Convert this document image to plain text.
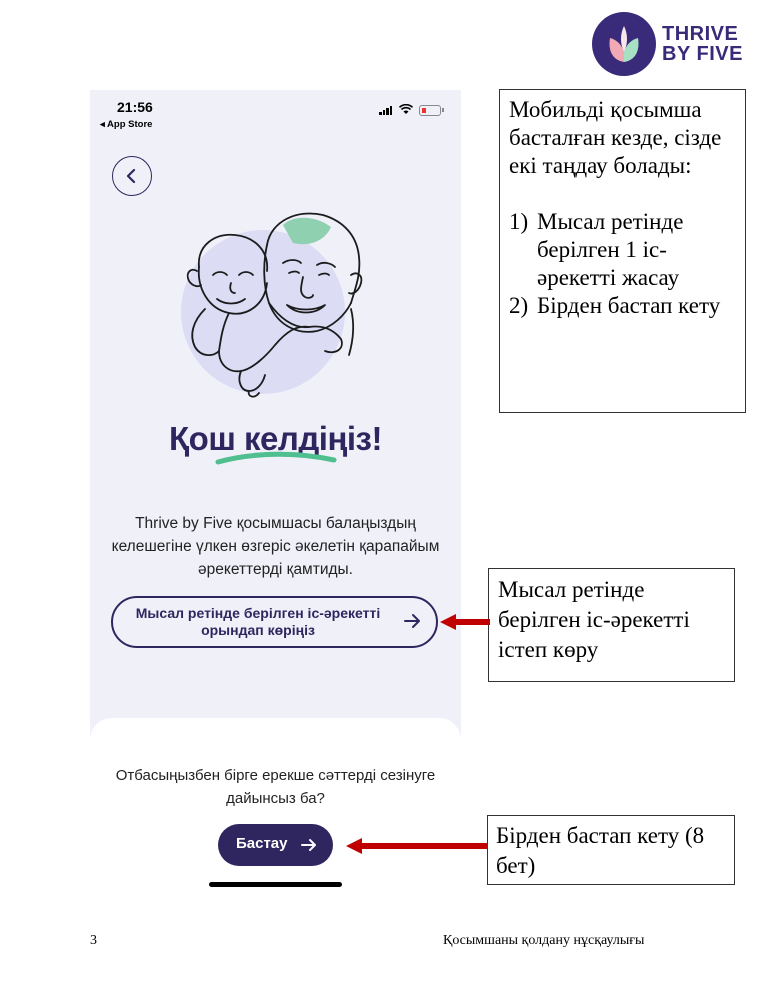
THRIVE
BY FIVE
21:56
◂ App Store
Қош келдіңіз!
Thrive by Five қосымшасы балаңыздың келешегіне үлкен өзгеріс әкелетін қарапайым әрекеттерді қамтиды.
Мысал ретінде берілген іс-әрекетті орындап көріңіз
Отбасыңызбен бірге ерекше сәттерді сезінуге дайынсыз ба?
Бастау

Мобильді қосымша басталған кезде, сізде екі таңдау болады:

1) Мысал ретінде берілген 1 іс-әрекетті жасау
2) Бірден бастап кету
Мысал ретінде берілген іс-әрекетті істеп көру
Бірден бастап кету (8 бет)
3	Қосымшаны қолдану нұсқаулығы
